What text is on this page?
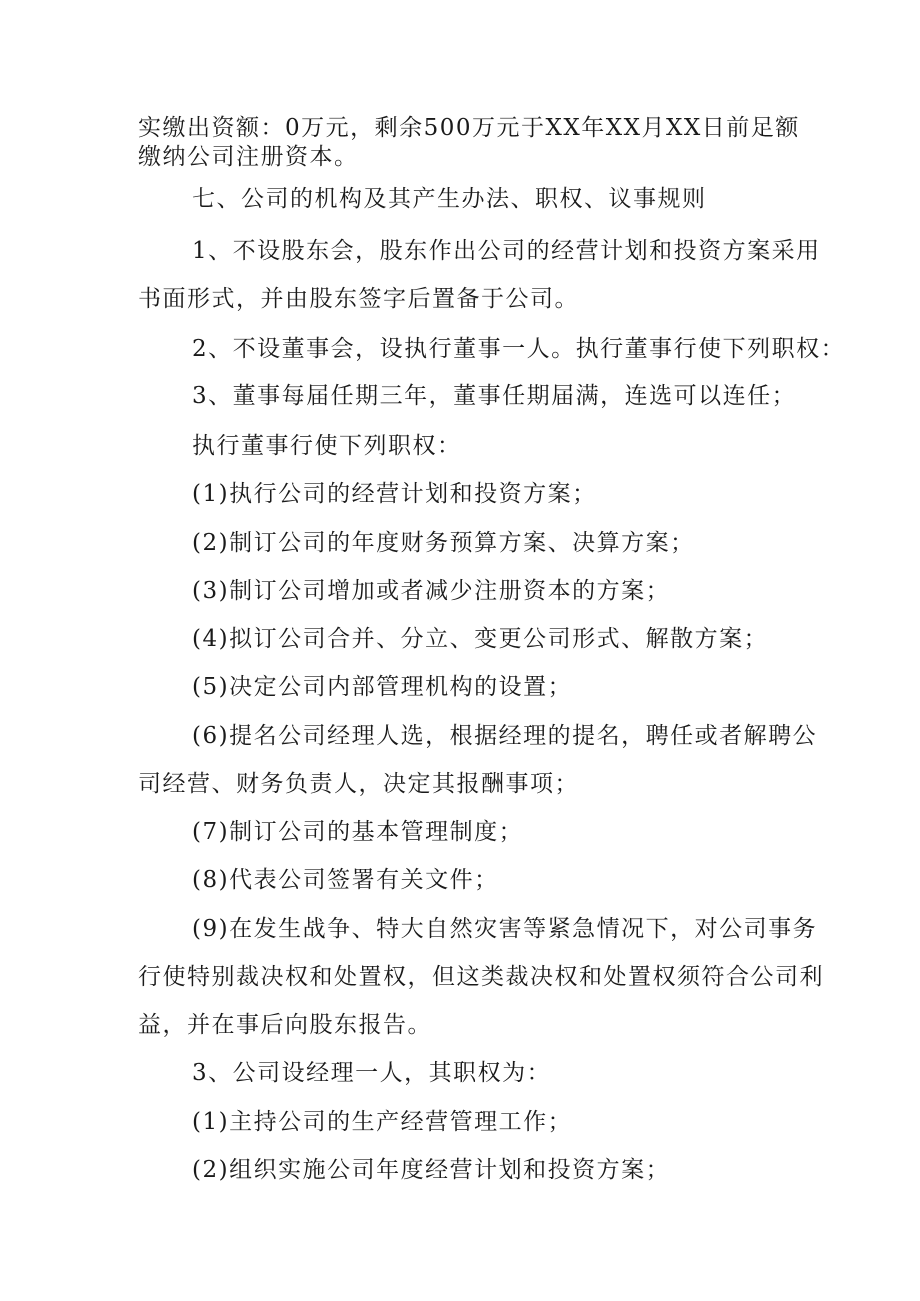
实缴出资额：0万元，剩余500万元于XX年XX月XX日前足额
缴纳公司注册资本。
七、公司的机构及其产生办法、职权、议事规则
1、不设股东会，股东作出公司的经营计划和投资方案采用
书面形式，并由股东签字后置备于公司。
2、不设董事会，设执行董事一人。执行董事行使下列职权：
3、董事每届任期三年，董事任期届满，连选可以连任；
执行董事行使下列职权：
(1)执行公司的经营计划和投资方案；
(2)制订公司的年度财务预算方案、决算方案；
(3)制订公司增加或者减少注册资本的方案；
(4)拟订公司合并、分立、变更公司形式、解散方案；
(5)决定公司内部管理机构的设置；
(6)提名公司经理人选，根据经理的提名，聘任或者解聘公
司经营、财务负责人，决定其报酬事项；
(7)制订公司的基本管理制度；
(8)代表公司签署有关文件；
(9)在发生战争、特大自然灾害等紧急情况下，对公司事务
行使特别裁决权和处置权，但这类裁决权和处置权须符合公司利
益，并在事后向股东报告。
3、公司设经理一人，其职权为：
(1)主持公司的生产经营管理工作；
(2)组织实施公司年度经营计划和投资方案；
